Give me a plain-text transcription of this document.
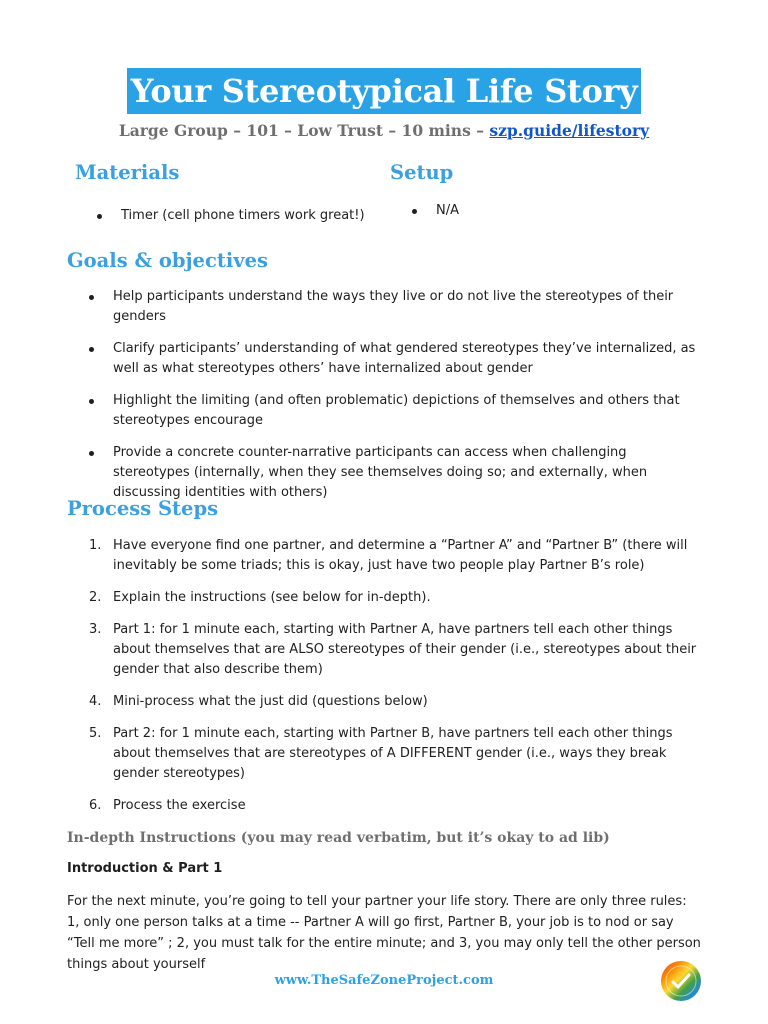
Your Stereotypical Life Story
Large Group – 101 – Low Trust – 10 mins – szp.guide/lifestory
Materials
Timer (cell phone timers work great!)
Setup
N/A
Goals & objectives
Help participants understand the ways they live or do not live the stereotypes of their genders
Clarify participants’ understanding of what gendered stereotypes they’ve internalized, as well as what stereotypes others’ have internalized about gender
Highlight the limiting (and often problematic) depictions of themselves and others that stereotypes encourage
Provide a concrete counter-narrative participants can access when challenging stereotypes (internally, when they see themselves doing so; and externally, when discussing identities with others)
Process Steps
1. Have everyone find one partner, and determine a “Partner A” and “Partner B” (there will inevitably be some triads; this is okay, just have two people play Partner B’s role)
2. Explain the instructions (see below for in-depth).
3. Part 1: for 1 minute each, starting with Partner A, have partners tell each other things about themselves that are ALSO stereotypes of their gender (i.e., stereotypes about their gender that also describe them)
4. Mini-process what the just did (questions below)
5. Part 2: for 1 minute each, starting with Partner B, have partners tell each other things about themselves that are stereotypes of A DIFFERENT gender (i.e., ways they break gender stereotypes)
6. Process the exercise
In-depth Instructions (you may read verbatim, but it’s okay to ad lib)
Introduction & Part 1
For the next minute, you’re going to tell your partner your life story. There are only three rules: 1, only one person talks at a time -- Partner A will go first, Partner B, your job is to nod or say “Tell me more” ; 2, you must talk for the entire minute; and 3, you may only tell the other person things about yourself
www.TheSafeZoneProject.com
